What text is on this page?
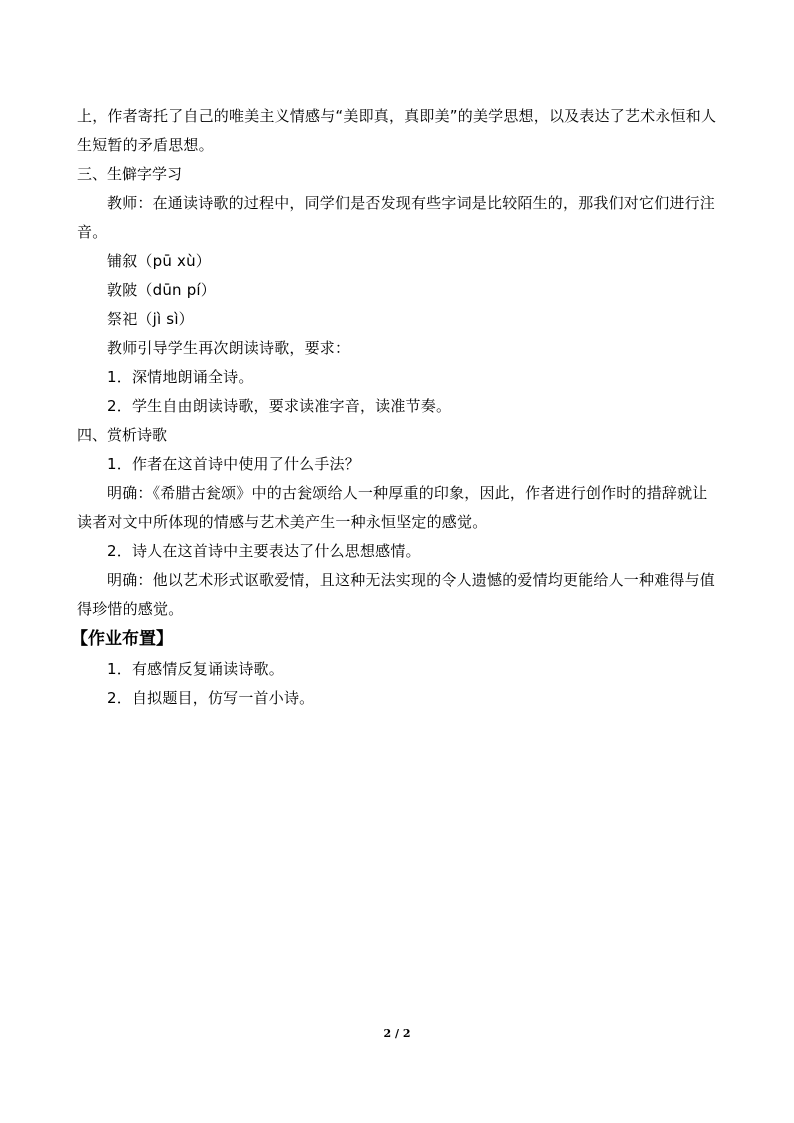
上，作者寄托了自己的唯美主义情感与“美即真，真即美”的美学思想，以及表达了艺术永恒和人生短暂的矛盾思想。

三、生僻字学习

教师：在通读诗歌的过程中，同学们是否发现有些字词是比较陌生的，那我们对它们进行注音。

铺叙（pū xù）

敦陂（dūn pí）

祭祀（jì sì）

教师引导学生再次朗读诗歌，要求：

1．深情地朗诵全诗。

2．学生自由朗读诗歌，要求读准字音，读准节奏。

四、赏析诗歌

1．作者在这首诗中使用了什么手法？

明确：《希腊古瓮颂》中的古瓮颂给人一种厚重的印象，因此，作者进行创作时的措辞就让读者对文中所体现的情感与艺术美产生一种永恒坚定的感觉。

2．诗人在这首诗中主要表达了什么思想感情。

明确：他以艺术形式讴歌爱情，且这种无法实现的令人遗憾的爱情均更能给人一种难得与值得珍惜的感觉。

【作业布置】

1．有感情反复诵读诗歌。

2．自拟题目，仿写一首小诗。

2 / 2
